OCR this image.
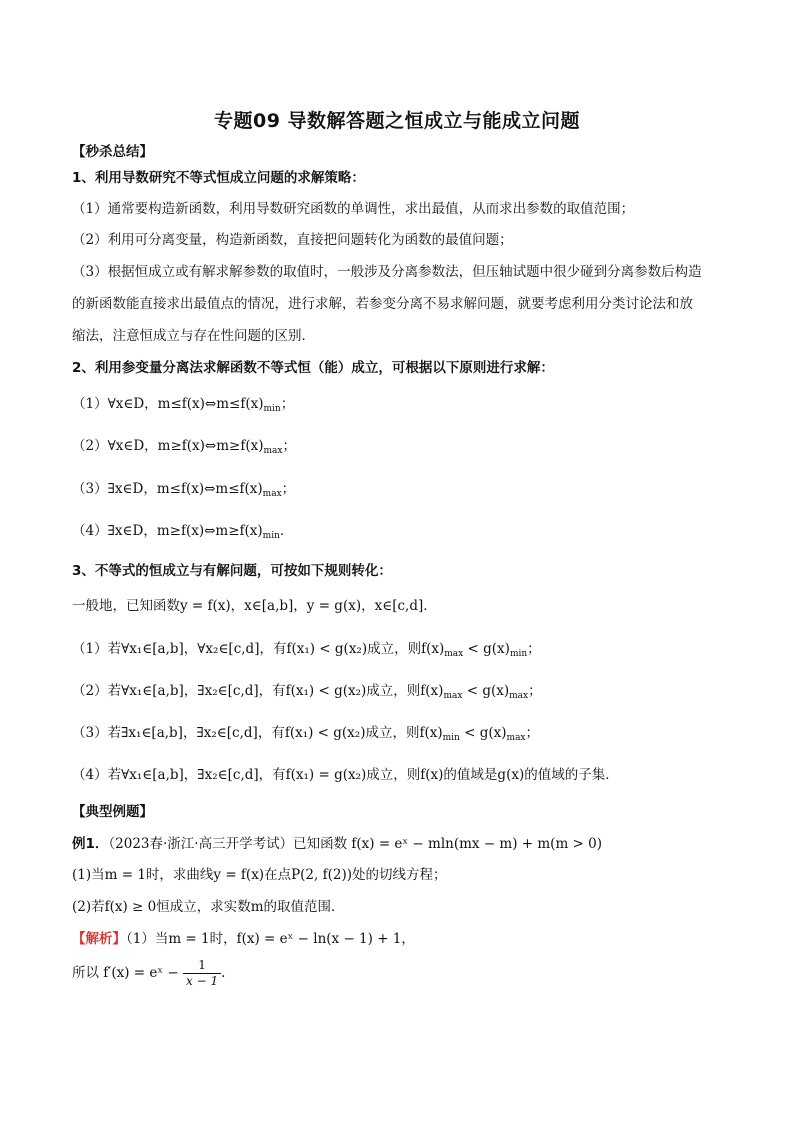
专题09 导数解答题之恒成立与能成立问题
【秒杀总结】
1、利用导数研究不等式恒成立问题的求解策略：
（1）通常要构造新函数，利用导数研究函数的单调性，求出最值，从而求出参数的取值范围；
（2）利用可分离变量，构造新函数，直接把问题转化为函数的最值问题；
（3）根据恒成立或有解求解参数的取值时，一般涉及分离参数法，但压轴试题中很少碰到分离参数后构造
的新函数能直接求出最值点的情况，进行求解，若参变分离不易求解问题，就要考虑利用分类讨论法和放
缩法，注意恒成立与存在性问题的区别．
2、利用参变量分离法求解函数不等式恒（能）成立，可根据以下原则进行求解：
（1）∀x∈D，$m\le f(x)\Leftrightarrow m\le f(x)_{min}$；
（2）∀x∈D，$m\ge f(x)\Leftrightarrow m\ge f(x)_{max}$；
（3）∃x∈D，$m\le f(x)\Leftrightarrow m\le f(x)_{max}$；
（4）∃x∈D，$m\ge f(x)\Leftrightarrow m\ge f(x)_{min}$．
3、不等式的恒成立与有解问题，可按如下规则转化：
一般地，已知函数y = f(x)，x∈[a,b]，y = g(x)，x∈[c,d]．
（1）若∀x₁∈[a,b]，∀x₂∈[c,d]，有f(x₁) < g(x₂)成立，则$f(x)_{max} < g(x)_{min}$；
（2）若∀x₁∈[a,b]，∃x₂∈[c,d]，有f(x₁) < g(x₂)成立，则$f(x)_{max} < g(x)_{max}$；
（3）若∃x₁∈[a,b]，∃x₂∈[c,d]，有f(x₁) < g(x₂)成立，则$f(x)_{min} < g(x)_{max}$；
（4）若∀x₁∈[a,b]，∃x₂∈[c,d]，有f(x₁) = g(x₂)成立，则f(x)的值域是g(x)的值域的子集．
【典型例题】
例1．（2023春·浙江·高三开学考试）已知函数 f(x) = eˣ − mln(mx − m) + m(m > 0)
(1)当m = 1时，求曲线y = f(x)在点P(2, f(2))处的切线方程；
(2)若f(x) ≥ 0恒成立，求实数m的取值范围．
【解析】（1）当m = 1时，f(x) = eˣ − ln(x − 1) + 1，
所以 f′(x) = eˣ − $\frac{1}{x - 1}$ .
